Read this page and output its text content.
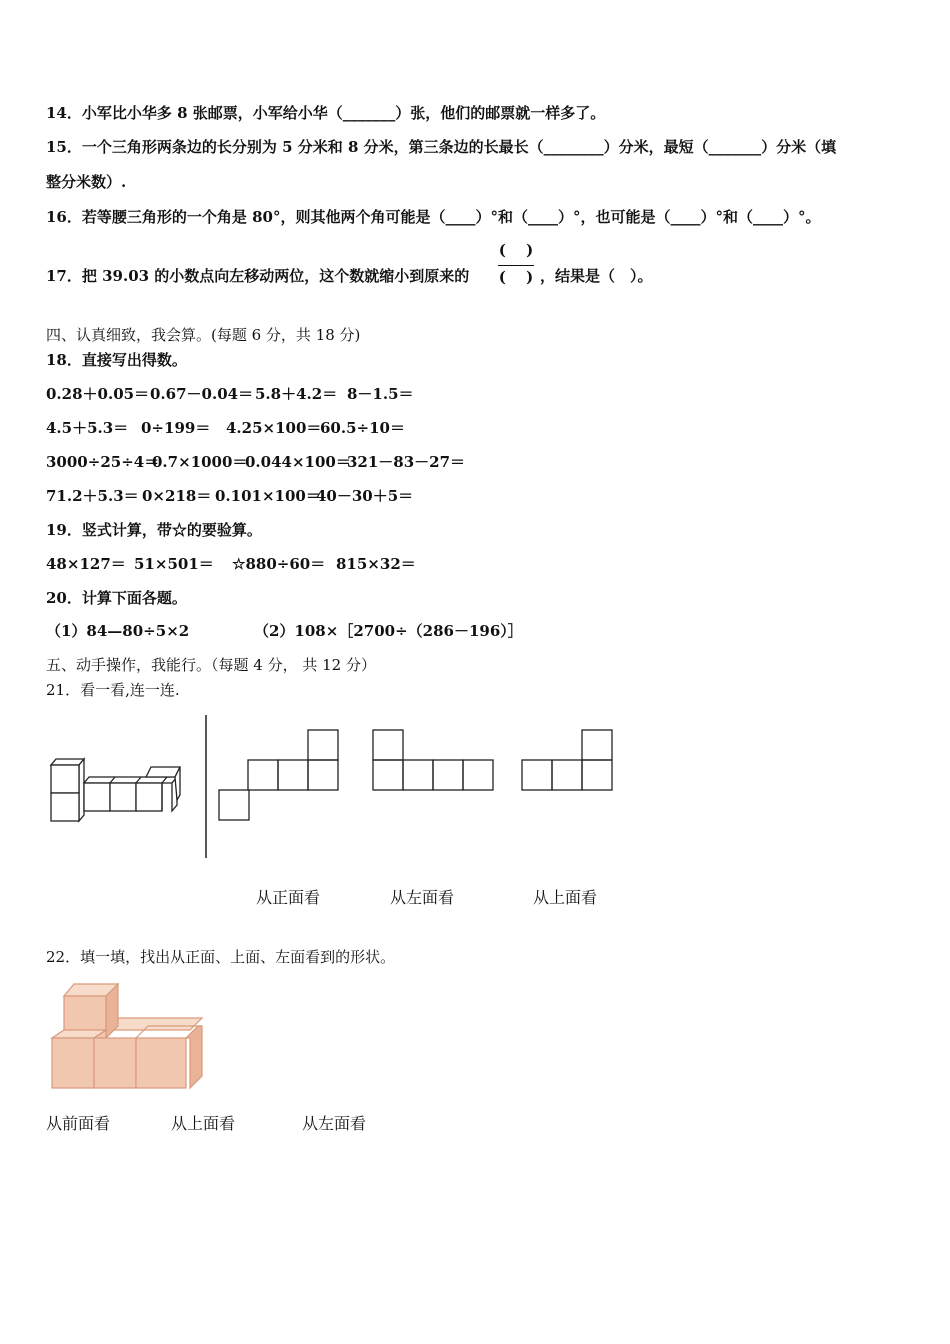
14．小军比小华多 8 张邮票，小军给小华（_______）张，他们的邮票就一样多了。
15．一个三角形两条边的长分别为 5 分米和 8 分米，第三条边的长最长（________）分米，最短（_______）分米（填
整分米数）.
16．若等腰三角形的一个角是 80°，则其他两个角可能是（____）°和（____）°，也可能是（____）°和（____）°。
17．把 39.03 的小数点向左移动两位，这个数就缩小到原来的
(　 )
(　 ) ，结果是（　）。
四、认真细致，我会算。(每题 6 分，共 18 分)
18．直接写出得数。
0.28＋0.05＝0.67－0.04＝ 5.8＋4.2＝ 8－1.5＝
4.5＋5.3＝ 0÷199＝ 4.25×100＝60.5÷10＝
3000÷25÷4＝0.7×1000＝0.044×100＝321－83－27＝
71.2＋5.3＝ 0×218＝ 0.101×100＝40－30＋5＝
19．竖式计算，带☆的要验算。
48×127＝ 51×501＝ ☆880÷60＝ 815×32＝
20．计算下面各题。
（1）84—80÷5×2	（2）108×［2700÷（286－196）］
五、动手操作，我能行。（每题 4 分， 共 12 分）
21．看一看,连一连.
从正面看	从左面看	从上面看
22．填一填，找出从正面、上面、左面看到的形状。
从前面看	从上面看	从左面看
